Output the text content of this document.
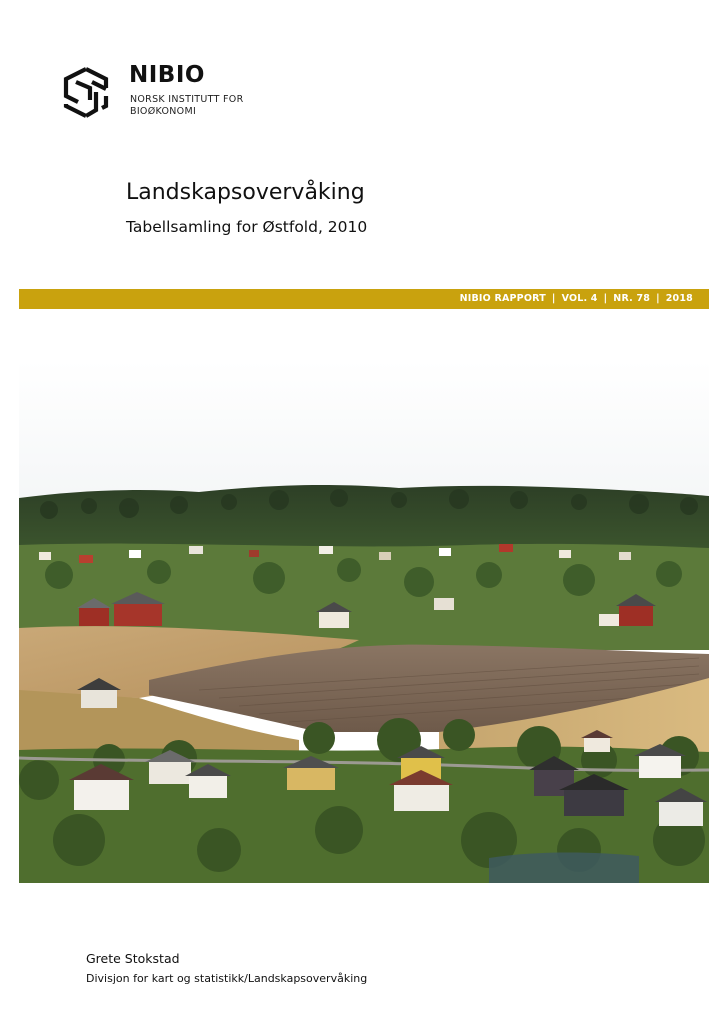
NIBIO
NORSK INSTITUTT FOR
BIOØKONOMI
Landskapsovervåking
Tabellsamling for Østfold, 2010
NIBIO RAPPORT | VOL. 4 | NR. 78 | 2018
Grete Stokstad
Divisjon for kart og statistikk/Landskapsovervåking
